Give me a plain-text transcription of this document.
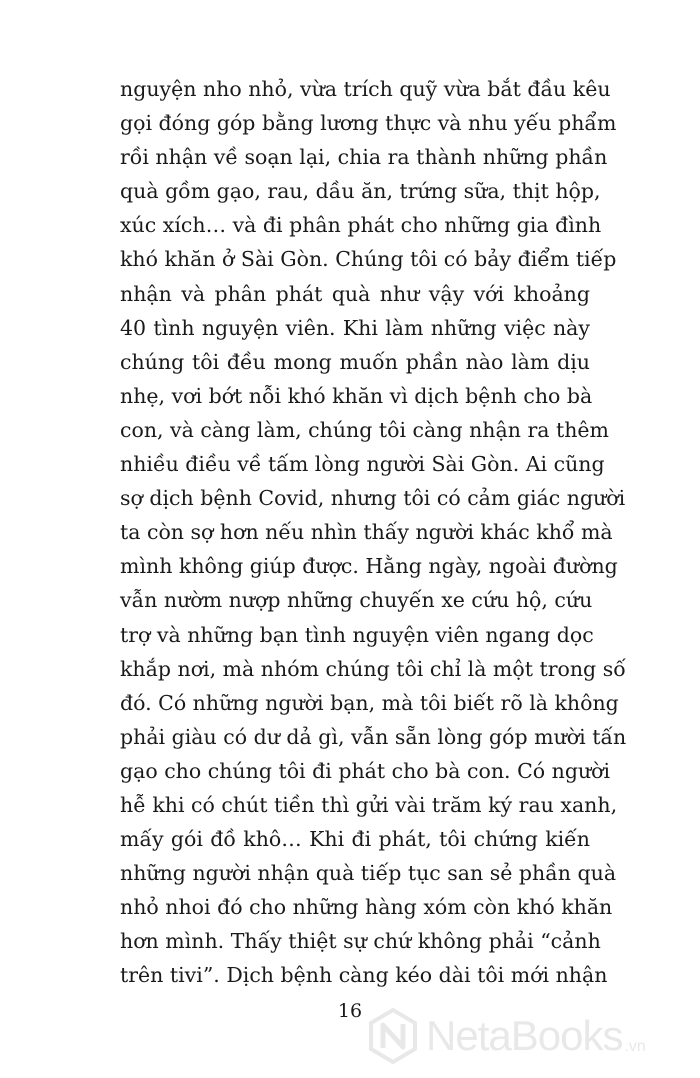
nguyện nho nhỏ, vừa trích quỹ vừa bắt đầu kêu
gọi đóng góp bằng lương thực và nhu yếu phẩm
rồi nhận về soạn lại, chia ra thành những phần
quà gồm gạo, rau, dầu ăn, trứng sữa, thịt hộp,
xúc xích… và đi phân phát cho những gia đình
khó khăn ở Sài Gòn. Chúng tôi có bảy điểm tiếp
nhận và phân phát quà như vậy với khoảng
40 tình nguyện viên. Khi làm những việc này
chúng tôi đều mong muốn phần nào làm dịu
nhẹ, vơi bớt nỗi khó khăn vì dịch bệnh cho bà
con, và càng làm, chúng tôi càng nhận ra thêm
nhiều điều về tấm lòng người Sài Gòn. Ai cũng
sợ dịch bệnh Covid, nhưng tôi có cảm giác người
ta còn sợ hơn nếu nhìn thấy người khác khổ mà
mình không giúp được. Hằng ngày, ngoài đường
vẫn nườm nượp những chuyến xe cứu hộ, cứu
trợ và những bạn tình nguyện viên ngang dọc
khắp nơi, mà nhóm chúng tôi chỉ là một trong số
đó. Có những người bạn, mà tôi biết rõ là không
phải giàu có dư dả gì, vẫn sẵn lòng góp mười tấn
gạo cho chúng tôi đi phát cho bà con. Có người
hễ khi có chút tiền thì gửi vài trăm ký rau xanh,
mấy gói đồ khô… Khi đi phát, tôi chứng kiến
những người nhận quà tiếp tục san sẻ phần quà
nhỏ nhoi đó cho những hàng xóm còn khó khăn
hơn mình. Thấy thiệt sự chứ không phải “cảnh
trên tivi”. Dịch bệnh càng kéo dài tôi mới nhận
16
NetaBooks .vn
